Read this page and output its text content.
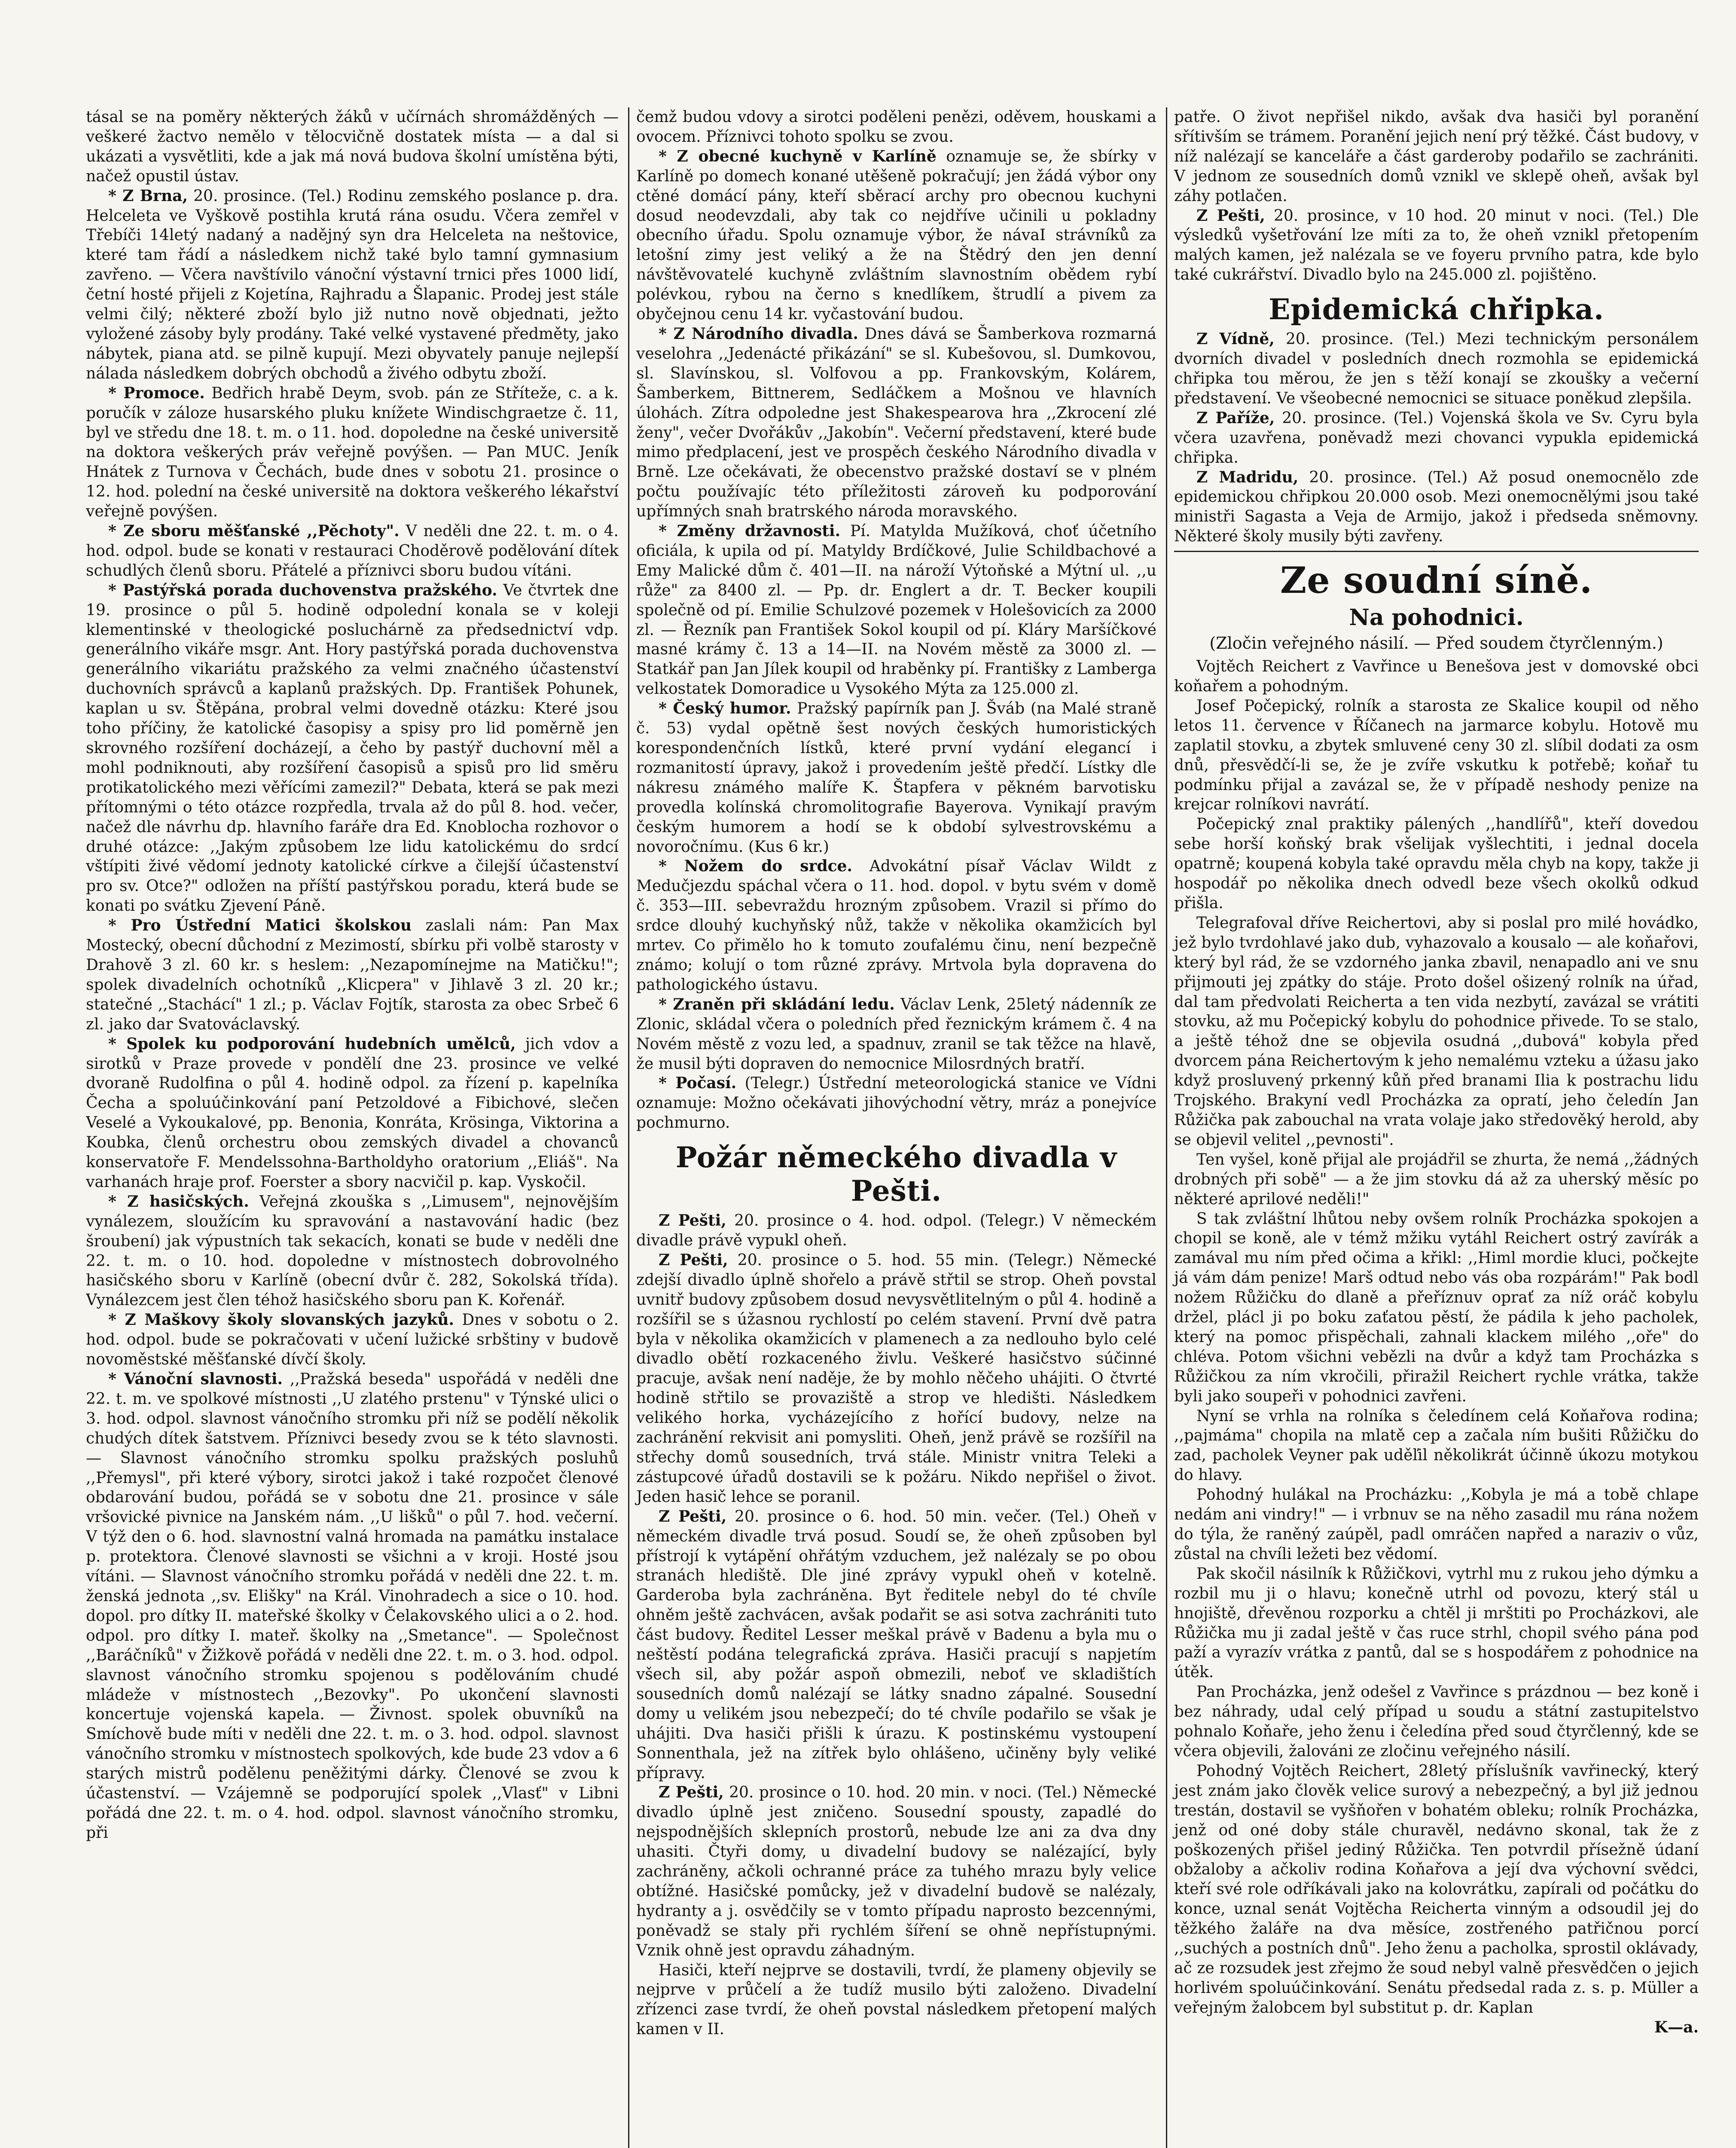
tásal se na poměry některých žáků v učírnách shromážděných — veškeré žactvo nemělo v tělocvičně dostatek místa — a dal si ukázati a vysvětliti, kde a jak má nová budova školní umístěna býti, načež opustil ústav.

* Z Brna, 20. prosince. (Tel.) Rodinu zemského poslance p. dra. Helceleta ve Vyškově postihla krutá rána osudu. Včera zemřel v Třebíči 14letý nadaný a nadějný syn dra Helceleta na neštovice, které tam řádí a následkem nichž také bylo tamní gymnasium zavřeno. — Včera navštívilo vánoční výstavní trnici přes 1000 lidí, četní hosté přijeli z Kojetína, Rajhradu a Šlapanic. Prodej jest stále velmi čilý; některé zboží bylo již nutno nově objednati, ježto vyložené zásoby byly prodány. Také velké vystavené předměty, jako nábytek, piana atd. se pilně kupují. Mezi obyvately panuje nejlepší nálada následkem dobrých obchodů a živého odbytu zboží.

* Promoce. Bedřich hrabě Deym, svob. pán ze Stříteže, c. a k. poručík v záloze husarského pluku knížete Windischgraetze č. 11, byl ve středu dne 18. t. m. o 11. hod. dopoledne na české universitě na doktora veškerých práv veřejně povýšen. — Pan MUC. Jeník Hnátek z Turnova v Čechách, bude dnes v sobotu 21. prosince o 12. hod. polední na české universitě na doktora veškerého lékařství veřejně povýšen.

* Ze sboru měšťanské ,,Pěchoty". V neděli dne 22. t. m. o 4. hod. odpol. bude se konati v restauraci Choděrově podělování dítek schudlých členů sboru. Přátelé a příznivci sboru budou vítáni.

* Pastýřská porada duchovenstva pražského. Ve čtvrtek dne 19. prosince o půl 5. hodině odpolední konala se v koleji klementinské v theologické posluchárně za předsednictví vdp. generálního vikáře msgr. Ant. Hory pastýřská porada duchovenstva generálního vikariátu pražského za velmi značného účastenství duchovních správců a kaplanů pražských. Dp. František Pohunek, kaplan u sv. Štěpána, probral velmi dovedně otázku: Které jsou toho příčiny, že katolické časopisy a spisy pro lid poměrně jen skrovného rozšíření docházejí, a čeho by pastýř duchovní měl a mohl podniknouti, aby rozšíření časopisů a spisů pro lid směru protikatolického mezi věřícími zamezil?" Debata, která se pak mezi přítomnými o této otázce rozpředla, trvala až do půl 8. hod. večer, načež dle návrhu dp. hlavního faráře dra Ed. Knoblocha rozhovor o druhé otázce: ,,Jakým způsobem lze lidu katolickému do srdcí vštípiti živé vědomí jednoty katolické církve a čilejší účastenství pro sv. Otce?" odložen na příští pastýřskou poradu, která bude se konati po svátku Zjevení Páně.

* Pro Ústřední Matici školskou zaslali nám: Pan Max Mostecký, obecní důchodní z Mezimostí, sbírku při volbě starosty v Drahově 3 zl. 60 kr. s heslem: ,,Nezapomínejme na Matičku!"; spolek divadelních ochotníků ,,Klicpera" v Jihlavě 3 zl. 20 kr.; statečné ,,Stachácí" 1 zl.; p. Václav Fojtík, starosta za obec Srbeč 6 zl. jako dar Svatováclavský.

* Spolek ku podporování hudebních umělců, jich vdov a sirotků v Praze provede v pondělí dne 23. prosince ve velké dvoraně Rudolfina o půl 4. hodině odpol. za řízení p. kapelníka Čecha a spoluúčinkování paní Petzoldové a Fibichové, slečen Veselé a Vykoukalové, pp. Benonia, Konráta, Krösinga, Viktorina a Koubka, členů orchestru obou zemských divadel a chovanců konservatoře F. Mendelssohna-Bartholdyho oratorium ,,Eliáš". Na varhanách hraje prof. Foerster a sbory nacvičil p. kap. Vyskočil.

* Z hasičských. Veřejná zkouška s ,,Limusem", nejnovějším vynálezem, sloužícím ku spravování a nastavování hadic (bez šroubení) jak výpustních tak sekacích, konati se bude v neděli dne 22. t. m. o 10. hod. dopoledne v místnostech dobrovolného hasičského sboru v Karlíně (obecní dvůr č. 282, Sokolská třída). Vynálezcem jest člen téhož hasičského sboru pan K. Kořenář.

* Z Maškovy školy slovanských jazyků. Dnes v sobotu o 2. hod. odpol. bude se pokračovati v učení lužické srbštiny v budově novoměstské měšťanské dívčí školy.

* Vánoční slavnosti. ,,Pražská beseda" uspořádá v neděli dne 22. t. m. ve spolkové místnosti ,,U zlatého prstenu" v Týnské ulici o 3. hod. odpol. slavnost vánočního stromku při níž se podělí několik chudých dítek šatstvem. Příznivci besedy zvou se k této slavnosti. — Slavnost vánočního stromku spolku pražských posluhů ,,Přemysl", při které výbory, sirotci jakož i také rozpočet členové obdarování budou, pořádá se v sobotu dne 21. prosince v sále vršovické pivnice na Janském nám. ,,U lišků" o půl 7. hod. večerní. V týž den o 6. hod. slavnostní valná hromada na památku instalace p. protektora. Členové slavnosti se všichni a v kroji. Hosté jsou vítáni. — Slavnost vánočního stromku pořádá v neděli dne 22. t. m. ženská jednota ,,sv. Elišky" na Král. Vinohradech a sice o 10. hod. dopol. pro dítky II. mateřské školky v Čelakovského ulici a o 2. hod. odpol. pro dítky I. mateř. školky na ,,Smetance". — Společnost ,,Baráčníků" v Žižkově pořádá v neděli dne 22. t. m. o 3. hod. odpol. slavnost vánočního stromku spojenou s podělováním chudé mládeže v místnostech ,,Bezovky". Po ukončení slavnosti koncertuje vojenská kapela. — Živnost. spolek obuvníků na Smíchově bude míti v neděli dne 22. t. m. o 3. hod. odpol. slavnost vánočního stromku v místnostech spolkových, kde bude 23 vdov a 6 starých mistrů podělenu peněžitými dárky. Členové se zvou k účastenství. — Vzájemně se podporující spolek ,,Vlasť" v Libni pořádá dne 22. t. m. o 4. hod. odpol. slavnost vánočního stromku, při

čemž budou vdovy a sirotci poděleni penězi, oděvem, houskami a ovocem. Příznivci tohoto spolku se zvou.

* Z obecné kuchyně v Karlíně oznamuje se, že sbírky v Karlíně po domech konané utěšeně pokračují; jen žádá výbor ony ctěné domácí pány, kteří sběrací archy pro obecnou kuchyni dosud neodevzdali, aby tak co nejdříve učinili u pokladny obecního úřadu. Spolu oznamuje výbor, že návaI strávníků za letošní zimy jest veliký a že na Štědrý den jen denní návštěvovatelé kuchyně zvláštním slavnostním obědem rybí polévkou, rybou na černo s knedlíkem, štrudlí a pivem za obyčejnou cenu 14 kr. vyčastování budou.

* Z Národního divadla. Dnes dává se Šamberkova rozmarná veselohra ,,Jedenácté přikázání" se sl. Kubešovou, sl. Dumkovou, sl. Slavínskou, sl. Volfovou a pp. Frankovským, Kolárem, Šamberkem, Bittnerem, Sedláčkem a Mošnou ve hlavních úlohách. Zítra odpoledne jest Shakespearova hra ,,Zkrocení zlé ženy", večer Dvořákův ,,Jakobín". Večerní představení, které bude mimo předplacení, jest ve prospěch českého Národního divadla v Brně. Lze očekávati, že obecenstvo pražské dostaví se v plném počtu používajíc této příležitosti zároveň ku podporování upřímných snah bratrského národa moravského.

* Změny državnosti. Pí. Matylda Mužíková, choť účetního oficiála, k upila od pí. Matyldy Brdíčkové, Julie Schildbachové a Emy Malické dům č. 401—II. na nároží Výtoňské a Mýtní ul. ,,u růže" za 8400 zl. — Pp. dr. Englert a dr. T. Becker koupili společně od pí. Emilie Schulzové pozemek v Holešovicích za 2000 zl. — Řezník pan František Sokol koupil od pí. Kláry Maršíčkové masné krámy č. 13 a 14—II. na Novém městě za 3000 zl. — Statkář pan Jan Jílek koupil od hraběnky pí. Františky z Lamberga velkostatek Domoradice u Vysokého Mýta za 125.000 zl.

* Český humor. Pražský papírník pan J. Šváb (na Malé straně č. 53) vydal opětně šest nových českých humoristických korespondenčních lístků, které první vydání elegancí i rozmanitostí úpravy, jakož i provedením ještě předčí. Lístky dle nákresu známého malíře K. Štapfera v pěkném barvotisku provedla kolínská chromolitografie Bayerova. Vynikají pravým českým humorem a hodí se k období sylvestrovskému a novoročnímu. (Kus 6 kr.)

* Nožem do srdce. Advokátní písař Václav Wildt z Medučjezdu spáchal včera o 11. hod. dopol. v bytu svém v domě č. 353—III. sebevraždu hrozným způsobem. Vrazil si přímo do srdce dlouhý kuchyňský nůž, takže v několika okamžicích byl mrtev. Co přimělo ho k tomuto zoufalému činu, není bezpečně známo; kolují o tom různé zprávy. Mrtvola byla dopravena do pathologického ústavu.

* Zraněn při skládání ledu. Václav Lenk, 25letý nádenník ze Zlonic, skládal včera o poledních před řeznickým krámem č. 4 na Novém městě z vozu led, a spadnuv, zranil se tak těžce na hlavě, že musil býti dopraven do nemocnice Milosrdných bratří.

* Počasí. (Telegr.) Ústřední meteorologická stanice ve Vídni oznamuje: Možno očekávati jihovýchodní větry, mráz a ponejvíce pochmurno.

Požár německého divadla v Pešti.

Z Pešti, 20. prosince o 4. hod. odpol. (Telegr.) V německém divadle právě vypukl oheň.

Z Pešti, 20. prosince o 5. hod. 55 min. (Telegr.) Německé zdejší divadlo úplně shořelo a právě střtil se strop. Oheň povstal uvnitř budovy způsobem dosud nevysvětlitelným o půl 4. hodině a rozšířil se s úžasnou rychlostí po celém stavení. První dvě patra byla v několika okamžicích v plamenech a za nedlouho bylo celé divadlo obětí rozkaceného živlu. Veškeré hasičstvo súčinné pracuje, avšak není naděje, že by mohlo něčeho uhájiti. O čtvrté hodině střtilo se provaziště a strop ve hledišti. Následkem velikého horka, vycházejícího z hořící budovy, nelze na zachránění rekvisit ani pomysliti. Oheň, jenž právě se rozšířil na střechy domů sousedních, trvá stále. Ministr vnitra Teleki a zástupcové úřadů dostavili se k požáru. Nikdo nepřišel o život. Jeden hasič lehce se poranil.

Z Pešti, 20. prosince o 6. hod. 50 min. večer. (Tel.) Oheň v německém divadle trvá posud. Soudí se, že oheň způsoben byl přístrojí k vytápění ohřátým vzduchem, jež nalézaly se po obou stranách hlediště. Dle jiné zprávy vypukl oheň v kotelně. Garderoba byla zachráněna. Byt ředitele nebyl do té chvíle ohněm ještě zachvácen, avšak podařit se asi sotva zachrániti tuto část budovy. Ředitel Lesser meškal právě v Badenu a byla mu o neštěstí podána telegrafická zpráva. Hasiči pracují s napjetím všech sil, aby požár aspoň obmezili, neboť ve skladištích sousedních domů nalézají se látky snadno zápalné. Sousední domy u velikém jsou nebezpečí; do té chvíle podařilo se však je uhájiti. Dva hasiči přišli k úrazu. K postinskému vystoupení Sonnenthala, jež na zítřek bylo ohlášeno, učiněny byly veliké přípravy.

Z Pešti, 20. prosince o 10. hod. 20 min. v noci. (Tel.) Německé divadlo úplně jest zničeno. Sousední spousty, zapadlé do nejspodnějších sklepních prostorů, nebude lze ani za dva dny uhasiti. Čtyři domy, u divadelní budovy se nalézající, byly zachráněny, ačkoli ochranné práce za tuhého mrazu byly velice obtížné. Hasičské pomůcky, jež v divadelní budově se nalézaly, hydranty a j. osvědčily se v tomto případu naprosto bezcennými, poněvadž se staly při rychlém šíření se ohně nepřístupnými. Vznik ohně jest opravdu záhadným.

Hasiči, kteří nejprve se dostavili, tvrdí, že plameny objevily se nejprve v průčelí a že tudíž musilo býti založeno. Divadelní zřízenci zase tvrdí, že oheň povstal následkem přetopení malých kamen v II.

patře. O život nepřišel nikdo, avšak dva hasiči byl poranění sřítivším se trámem. Poranění jejich není prý těžké. Část budovy, v níž nalézají se kanceláře a část garderoby podařilo se zachrániti. V jednom ze sousedních domů vznikl ve sklepě oheň, avšak byl záhy potlačen.

Z Pešti, 20. prosince, v 10 hod. 20 minut v noci. (Tel.) Dle výsledků vyšetřování lze míti za to, že oheň vznikl přetopením malých kamen, jež nalézala se ve foyeru prvního patra, kde bylo také cukrářství. Divadlo bylo na 245.000 zl. pojištěno.

Epidemická chřipka.

Z Vídně, 20. prosince. (Tel.) Mezi technickým personálem dvorních divadel v posledních dnech rozmohla se epidemická chřipka tou měrou, že jen s těží konají se zkoušky a večerní představení. Ve všeobecné nemocnici se situace poněkud zlepšila.

Z Paříže, 20. prosince. (Tel.) Vojenská škola ve Sv. Cyru byla včera uzavřena, poněvadž mezi chovanci vypukla epidemická chřipka.

Z Madridu, 20. prosince. (Tel.) Až posud onemocnělo zde epidemickou chřipkou 20.000 osob. Mezi onemocnělými jsou také ministři Sagasta a Veja de Armijo, jakož i předseda sněmovny. Některé školy musily býti zavřeny.

Ze soudní síně.
Na pohodnici.
(Zločin veřejného násilí. — Před soudem čtyrčlenným.)

Vojtěch Reichert z Vavřince u Benešova jest v domovské obci koňařem a pohodným.

Josef Počepický, rolník a starosta ze Skalice koupil od něho letos 11. července v Říčanech na jarmarce kobylu. Hotově mu zaplatil stovku, a zbytek smluvené ceny 30 zl. slíbil dodati za osm dnů, přesvědčí-li se, že je zvíře vskutku k potřebě; koňař tu podmínku přijal a zavázal se, že v případě neshody penize na krejcar rolníkovi navrátí.

Počepický znal praktiky pálených ,,handlířů", kteří dovedou sebe horší koňský brak všelijak vyšlechtiti, i jednal docela opatrně; koupená kobyla také opravdu měla chyb na kopy, takže ji hospodář po několika dnech odvedl beze všech okolků odkud přišla.

Telegrafoval dříve Reichertovi, aby si poslal pro milé hovádko, jež bylo tvrdohlavé jako dub, vyhazovalo a kousalo — ale koňařovi, který byl rád, že se vzdorného janka zbavil, nenapadlo ani ve snu přijmouti jej zpátky do stáje. Proto došel ošizený rolník na úřad, dal tam předvolati Reicherta a ten vida nezbytí, zavázal se vrátiti stovku, až mu Počepický kobylu do pohodnice přivede. To se stalo, a ještě téhož dne se objevila osudná ,,dubová" kobyla před dvorcem pána Reichertovým k jeho nemalému vzteku a úžasu jako když prosluvený prkenný kůň před branami Ilia k postrachu lidu Trojského. Brakyní vedl Procházka za opratí, jeho čeledín Jan Růžička pak zabouchal na vrata volaje jako středověký herold, aby se objevil velitel ,,pevnosti".

Ten vyšel, koně přijal ale projádřil se zhurta, že nemá ,,žádných drobných při sobě" — a že jim stovku dá až za uherský měsíc po některé aprilové neděli!"

S tak zvláštní lhůtou neby ovšem rolník Procházka spokojen a chopil se koně, ale v témž mžiku vytáhl Reichert ostrý zavírák a zamával mu ním před očima a křikl: ,,Himl mordie kluci, počkejte já vám dám penize! Marš odtud nebo vás oba rozpárám!" Pak bodl nožem Růžičku do dlaně a přeříznuv oprať za níž oráč kobylu držel, plácl ji po boku zaťatou pěstí, že pádila k jeho pacholek, který na pomoc přispěchali, zahnali klackem milého ,,oře" do chléva. Potom všichni vebězli na dvůr a když tam Procházka s Růžičkou za ním vkročili, přiražil Reichert rychle vrátka, takže byli jako soupeři v pohodnici zavřeni.

Nyní se vrhla na rolníka s čeledínem celá Koňařova rodina; ,,pajmáma" chopila na mlatě cep a začala ním bušiti Růžičku do zad, pacholek Veyner pak uděľil několikrát účinně úkozu motykou do hlavy.

Pohodný hulákal na Procházku: ,,Kobyla je má a tobě chlape nedám ani vindry!" — i vrbnuv se na něho zasadil mu rána nožem do týla, že raněný zaúpěl, padl omráčen napřed a naraziv o vůz, zůstal na chvíli ležeti bez vědomí.

Pak skočil násilník k Růžičkovi, vytrhl mu z rukou jeho dýmku a rozbil mu ji o hlavu; konečně utrhl od povozu, který stál u hnojiště, dřevěnou rozporku a chtěl ji mrštiti po Procházkovi, ale Růžička mu ji zadal ještě v čas ruce strhl, chopil svého pána pod paží a vyrazív vrátka z pantů, dal se s hospodářem z pohodnice na útěk.

Pan Procházka, jenž odešel z Vavřince s prázdnou — bez koně i bez náhrady, udal celý případ u soudu a státní zastupitelstvo pohnalo Koňaře, jeho ženu i čeledína před soud čtyrčlenný, kde se včera objevili, žalováni ze zločinu veřejného násilí.

Pohodný Vojtěch Reichert, 28letý příslušník vavřinecký, který jest znám jako člověk velice surový a nebezpečný, a byl již jednou trestán, dostavil se vyšňořen v bohatém obleku; rolník Procházka, jenž od oné doby stále churavěl, nedávno skonal, tak že z poškozených přišel jediný Růžička. Ten potvrdil přísežně údaní obžaloby a ačkoliv rodina Koňařova a její dva výchovní svědci, kteří své role odříkávali jako na kolovrátku, zapírali od počátku do konce, uznal senát Vojtěcha Reicherta vinným a odsoudil jej do těžkého žaláře na dva měsíce, zostřeného patřičnou porcí ,,suchých a postních dnů". Jeho ženu a pacholka, sprostil oklávady, ač ze rozsudek jest zřejmo že soud nebyl valně přesvědčen o jejich horlivém spoluúčinkování. Senátu předsedal rada z. s. p. Müller a veřejným žalobcem byl substitut p. dr. Kaplan

K—a.
